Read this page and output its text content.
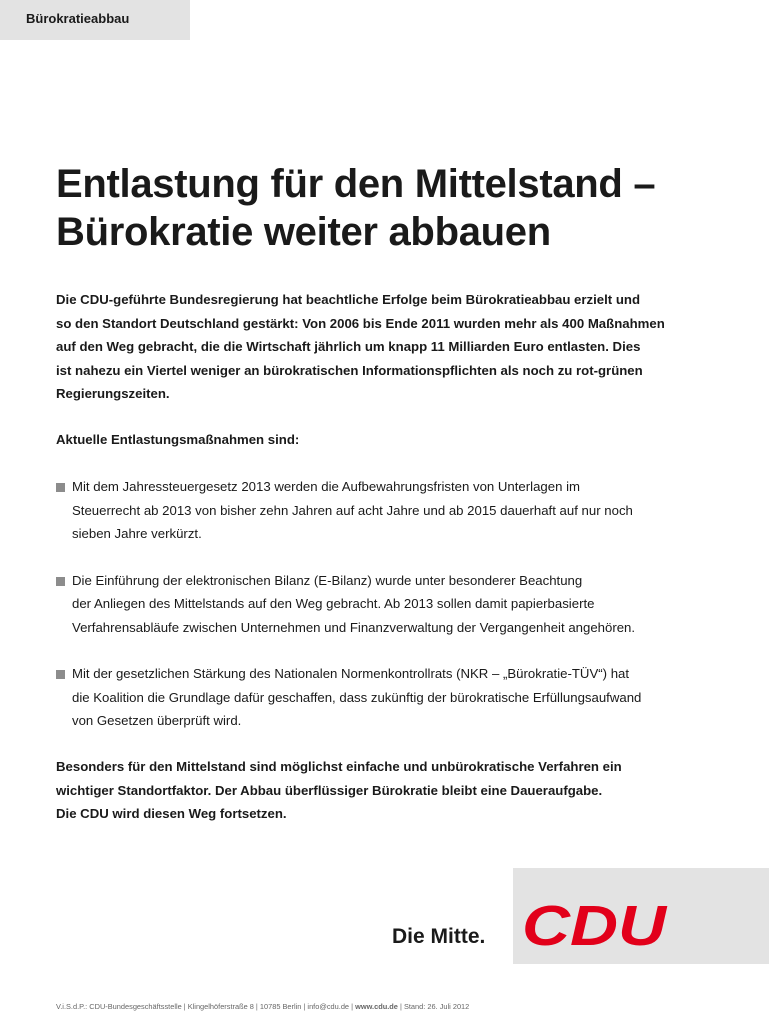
Bürokratieabbau
Entlastung für den Mittelstand –
Bürokratie weiter abbauen
Die CDU-geführte Bundesregierung hat beachtliche Erfolge beim Bürokratieabbau erzielt und
so den Standort Deutschland gestärkt: Von 2006 bis Ende 2011 wurden mehr als 400 Maßnahmen
auf den Weg gebracht, die die Wirtschaft jährlich um knapp 11 Milliarden Euro entlasten. Dies
ist nahezu ein Viertel weniger an bürokratischen Informationspflichten als noch zu rot-grünen
Regierungszeiten.
Aktuelle Entlastungsmaßnahmen sind:
Mit dem Jahressteuergesetz 2013 werden die Aufbewahrungsfristen von Unterlagen im
Steuerrecht ab 2013 von bisher zehn Jahren auf acht Jahre und ab 2015 dauerhaft auf nur noch
sieben Jahre verkürzt.
Die Einführung der elektronischen Bilanz (E-Bilanz) wurde unter besonderer Beachtung
der Anliegen des Mittelstands auf den Weg gebracht. Ab 2013 sollen damit papierbasierte
Verfahrensabläufe zwischen Unternehmen und Finanzverwaltung der Vergangenheit angehören.
Mit der gesetzlichen Stärkung des Nationalen Normenkontrollrats (NKR – „Bürokratie-TÜV“) hat
die Koalition die Grundlage dafür geschaffen, dass zukünftig der bürokratische Erfüllungsaufwand
von Gesetzen überprüft wird.
Besonders für den Mittelstand sind möglichst einfache und unbürokratische Verfahren ein
wichtiger Standortfaktor. Der Abbau überflüssiger Bürokratie bleibt eine Daueraufgabe.
Die CDU wird diesen Weg fortsetzen.
Die Mitte. CDU
V.i.S.d.P.: CDU-Bundesgeschäftsstelle | Klingelhöferstraße 8 | 10785 Berlin | info@cdu.de | www.cdu.de | Stand: 26. Juli 2012
